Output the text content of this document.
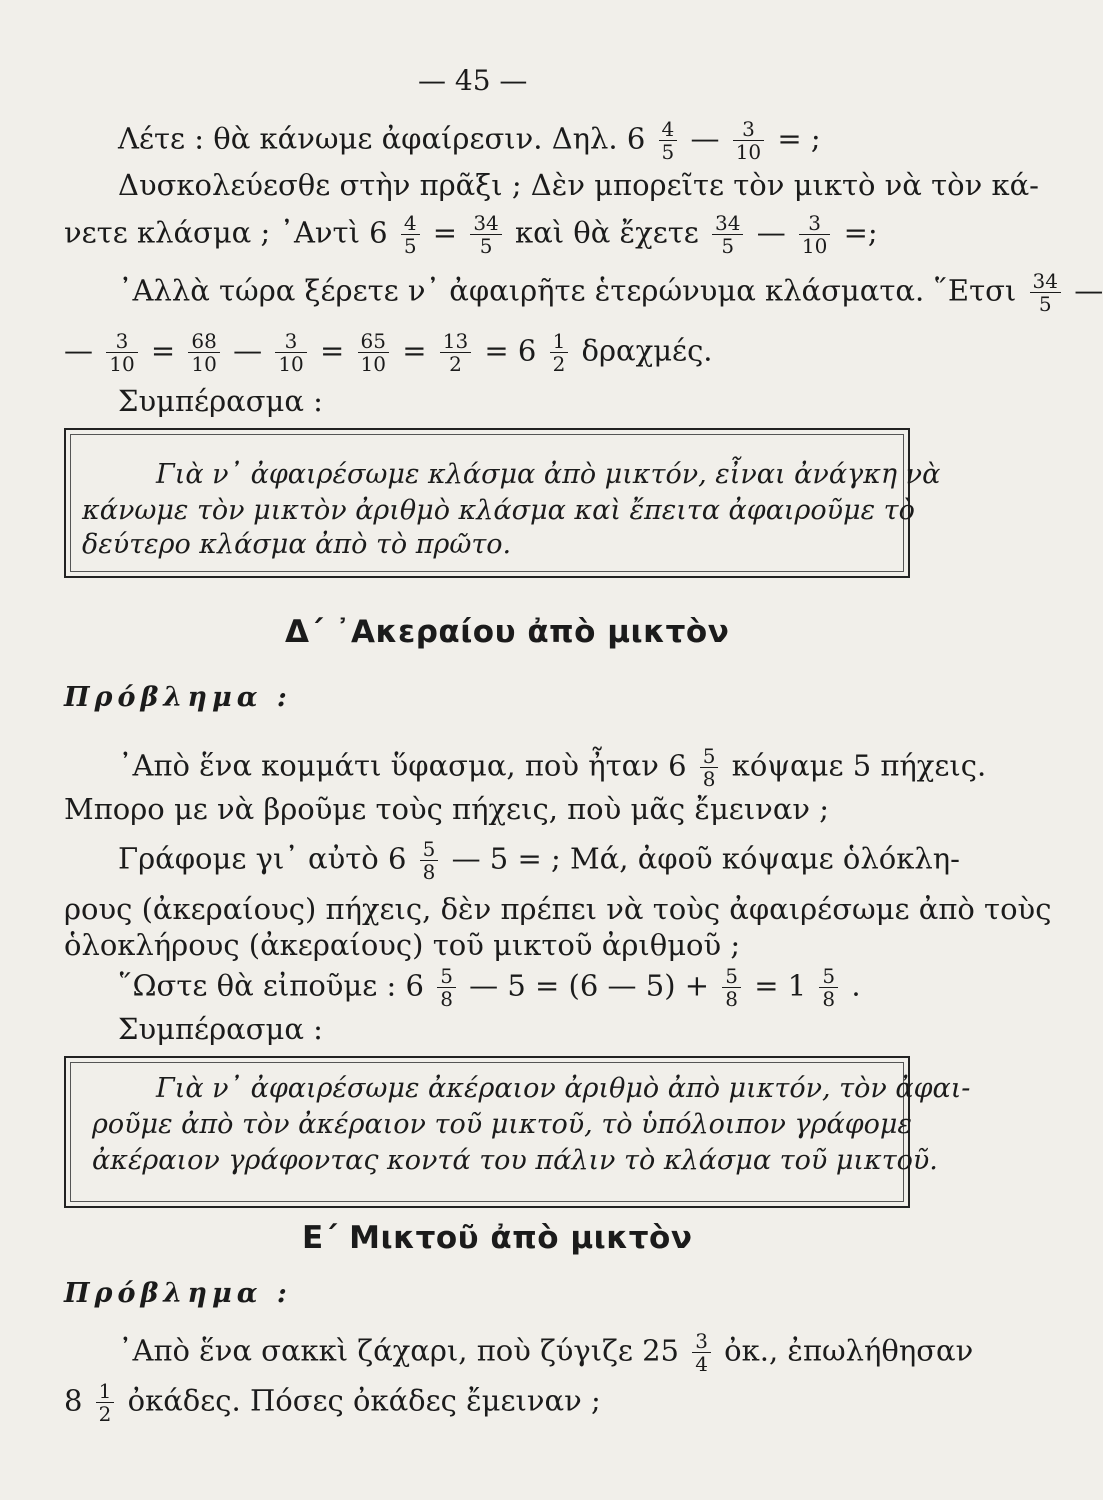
— 45 —
Λέτε : θὰ κάνωμε ἀφαίρεσιν. Δηλ. $6 \frac{4}{5}$ — $\frac{3}{10}$ = ;
Δυσκολεύεσθε στὴν πρᾶξι ; Δὲν μπορεῖτε τὸν μικτὸ νὰ τὸν κά-
νετε κλάσμα ; ᾿Αντὶ $6 \frac{4}{5} = \frac{34}{5}$ καὶ θὰ ἔχετε $\frac{34}{5}$ — $\frac{3}{10}$ =;
᾿Αλλὰ τώρα ξέρετε ν᾿ ἀφαιρῆτε ἑτερώνυμα κλάσματα. ῞Ετσι $\frac{34}{5}$ —
— $\frac{3}{10} = \frac{68}{10}$ — $\frac{3}{10} = \frac{65}{10} = \frac{13}{2} = 6 \frac{1}{2} \delta\rho\alpha\chi\mu έ\varsigma$.
Συμπέρασμα :
Γιὰ ν᾿ ἀφαιρέσωμε κλάσμα ἀπὸ μικτόν, εἶναι ἀνάγκη νὰ
κάνωμε τὸν μικτὸν ἀριθμὸ κλάσμα καὶ ἔπειτα ἀφαιροῦμε τὸ
δεύτερο κλάσμα ἀπὸ τὸ πρῶτο.
Δ΄ ᾿Ακεραίου ἀπὸ μικτὸν
Πρόβλημα :
᾿Απὸ ἕνα κομμάτι ὕφασμα, ποὺ ἦταν $6 \frac{5}{8}$ κόψαμε 5 πήχεις.
Μπορο με νὰ βροῦμε τοὺς πήχεις, ποὺ μᾶς ἔμειναν ;
Γράφομε γι᾿ αὐτὸ $6 \frac{5}{8}$ — 5 = ; Μά, ἀφοῦ κόψαμε ὁλόκλη-
ρους (ἀκεραίους) πήχεις, δὲν πρέπει νὰ τοὺς ἀφαιρέσωμε ἀπὸ τοὺς
ὁλοκλήρους (ἀκεραίους) τοῦ μικτοῦ ἀριθμοῦ ;
῞Ωστε θὰ εἰποῦμε : $6 \frac{5}{8}$ — 5 = (6 — $5) + \frac{5}{8} = 1 \frac{5}{8}$ .
Συμπέρασμα :
Γιὰ ν᾿ ἀφαιρέσωμε ἀκέραιον ἀριθμὸ ἀπὸ μικτόν, τὸν ἀφαι-
ροῦμε ἀπὸ τὸν ἀκέραιον τοῦ μικτοῦ, τὸ ὑπόλοιπον γράφομε
ἀκέραιον γράφοντας κοντά του πάλιν τὸ κλάσμα τοῦ μικτοῦ.
Ε΄ Μικτοῦ ἀπὸ μικτὸν
Πρόβλημα :
᾿Απὸ ἕνα σακκὶ ζάχαρι, ποὺ ζύγιζε $25 \frac{3}{4}$ ὀκ., ἐπωλήθησαν
$8 \frac{1}{2}$ ὀκάδες. Πόσες ὀκάδες ἔμειναν ;
